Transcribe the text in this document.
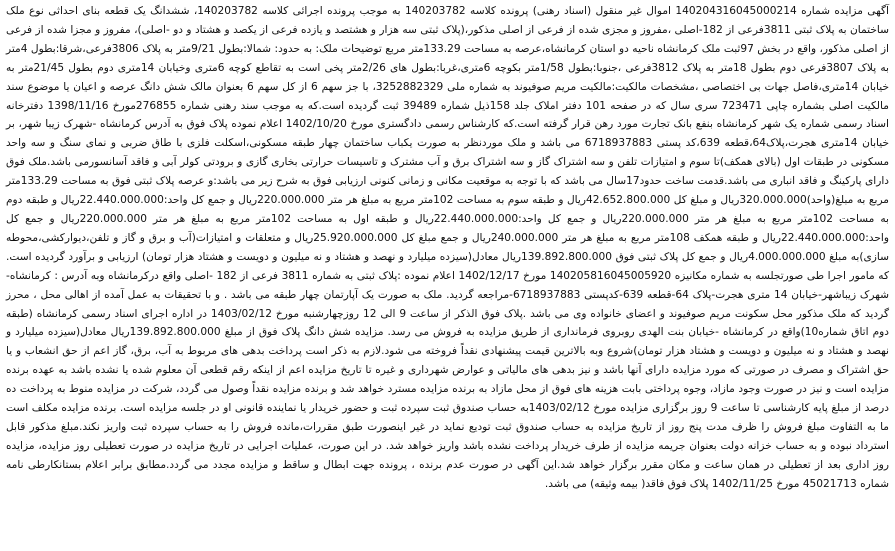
آگهی مزایده شماره 140204316045000214 اموال غیر منقول (اسناد رهنی) پرونده کلاسه 140203782 به موجب پرونده اجرائی کلاسه 140203782، ششدانگ یک قطعه بنای احداثی نوع ملک ساختمان به پلاک ثبتی 3811فرعی از 182-اصلی ،مفروز و مجزی شده از فرعی از اصلی مذکور،(پلاک ثبتی سه هزار و هشتصد و یازده فرعی از یکصد و هشتاد و دو -اصلی)، مفروز و مجزا شده از فرعی از اصلی مذکور، واقع در بخش 97ثبت ملک کرمانشاه ناحیه دو استان کرمانشاه،عرصه به مساحت 133.29متر مربع توضیحات ملک: به حدود: شمالا:بطول 9/21متر به پلاک 3806فرعی،شرقا:بطول 4متر به پلاک 3807فرعی دوم بطول 18متر به پلاک 3812فرعی ،جنوبا:بطول 1/58متر بکوچه 6متری،غربا:بطول های 2/26متر پخی است به تقاطع کوچه 6متری وخیابان 14متری دوم بطول 21/45متر به خیابان 14متری،فاصل جهات بی اختصاصی ،مشخصات مالکیت:مالکیت مریم صوفیوند به شماره ملی 3252882329، با جز سهم 6 از کل سهم 6 بعنوان مالک شش دانگ عرصه و اعیان یا موضوع سند مالکیت اصلی بشماره چاپی 723471 سری سال که در صفحه 101 دفتر املاک جلد 158ذیل شماره 39489 ثبت گردیده است.که به موجب سند رهنی شماره 276855مورخ 1398/11/16 دفترخانه اسناد رسمی شماره یک شهر کرمانشاه بنفع بانک تجارت مورد رهن قرار گرفته است.که کارشناس رسمی دادگستری مورخ 1402/10/20 اعلام نموده پلاک فوق به آدرس کرمانشاه -شهرک زیبا شهر، بر خیابان 14متری هجرت،پلاک64،قطعه 639،کد پستی 6718937883 می باشد و ملک موردنظر به صورت یکباب ساختمان چهار طبقه مسکونی،اسکلت فلزی با طاق ضربی و نمای سنگ و سه واحد مسکونی در طبقات اول (بالای همکف)تا سوم و امتیازات تلفن و سه اشتراک گاز و سه اشتراک برق و آب مشترک و تاسیسات حرارتی بخاری گازی و برودتی کولر آبی و فاقد آسانسورمی باشد.ملک فوق دارای پارکینگ و فاقد انباری می باشد.قدمت ساخت حدود17سال می باشد که با توجه به موقعیت مکانی و زمانی کنونی ارزیابی فوق به شرح زیر می باشد:و عرصه پلاک ثبتی فوق به مساحت 133.29متر مربع به مبلغ(واحد)320.000.000ریال و مبلغ کل 42.652.800.000ریال و طبقه سوم به مساحت 102متر مربع به مبلغ هر متر 220.000.000ریال و جمع کل واحد:22.440.000.000ریال و طبقه دوم به مساحت 102متر مربع به مبلغ هر متر 220.000.000ریال و جمع کل واحد:22.440.000.000ریال و طبقه اول به مساحت 102متر مربع به مبلغ هر متر 220.000.000ریال و جمع کل واحد:22.440.000.000ریال و طبقه همکف 108متر مربع به مبلغ هر متر 240.000.000ریال و جمع مبلغ کل 25.920.000.000ریال و متعلقات و امتیازات(آب و برق و گاز و تلفن،دیوارکشی،محوطه سازی)به مبلغ 4.000.000.000ریال و جمع کل پلاک ثبتی فوق 139.892.800.000ریال معادل(سیزده میلیارد و نهصد و هشتاد و نه میلیون و دویست و هشتاد هزار تومان) ارزیابی و برآورد گردیده است. که مامور اجرا طی صورتجلسه به شماره مکانیزه 140205816045005920 مورخ 1402/12/17 اعلام نموده :پلاک ثبتی به شماره 3811 فرعی از 182 -اصلی واقع درکرمانشاه وبه آدرس : کرمانشاه-شهرک زیباشهر-خیابان 14 متری هجرت-پلاک 64-قطعه 639-کدپستی 6718937883-مراجعه گردید. ملک به صورت یک آپارتمان چهار طبقه می باشد . و با تحقیقات به عمل آمده از اهالی محل ، محرز گردید که ملک مذکور محل سکونت مریم صوفیوند و اعضای خانواده وی می باشد .پلاک فوق الذکر از ساعت 9 الی 12 روزچهارشنبه مورخ 1403/02/12 در اداره اجرای اسناد رسمی کرمانشاه (طبقه دوم اتاق شماره10)واقع در کرمانشاه -خیابان بنت الهدی روبروی فرمانداری از طریق مزایده به فروش می رسد. مزایده شش دانگ پلاک فوق از مبلغ 139.892.800.000ریال معادل(سیزده میلیارد و نهصد و هشتاد و نه میلیون و دویست و هشتاد هزار تومان)شروع وبه بالاترین قیمت پیشنهادی نقداً فروخته می شود.لازم به ذکر است پرداخت بدهی های مربوط به آب، برق، گاز اعم از حق انشعاب و یا حق اشتراک و مصرف در صورتی که مورد مزایده دارای آنها باشد و نیز بدهی های مالیاتی و عوارض شهرداری و غیره تا تاریخ مزایده اعم از اینکه رقم قطعی آن معلوم شده یا نشده باشد به عهده برنده مزایده است و نیز در صورت وجود مازاد، وجوه پرداختی بابت هزینه های فوق از محل مازاد به برنده مزایده مسترد خواهد شد و برنده مزایده نقداً وصول می گردد، شرکت در مزایده منوط به پرداخت ده درصد از مبلغ پایه کارشناسی تا ساعت 9 روز برگزاری مزایده مورخ 1403/02/12به حساب صندوق ثبت سپرده ثبت و حضور خریدار یا نماینده قانونی او در جلسه مزایده است. برنده مزایده مکلف است ما به التفاوت مبلغ فروش را ظرف مدت پنج روز از تاریخ مزایده به حساب صندوق ثبت تودیع نماید در غیر اینصورت طبق مقررات،مانده فروش را به حساب سپرده ثبت واریز نکند.مبلغ مذکور قابل استرداد نبوده و به حساب خزانه دولت بعنوان جریمه مزایده از طرف خریدار پرداخت نشده باشد واریز خواهد شد. در این صورت، عملیات اجرایی در تاریخ مزایده در صورت تعطیلی روز مزایده، مزایده روز اداری بعد از تعطیلی در همان ساعت و مکان مقرر برگزار خواهد شد.این آگهی در صورت عدم برنده ، پرونده جهت ابطال و ساقط و مزایده مجدد می گردد.مطابق برابر اعلام بستانکارطی نامه شماره 45021713 مورخ 1402/11/25 پلاک فوق فاقد( بیمه وثیقه) می باشد.
